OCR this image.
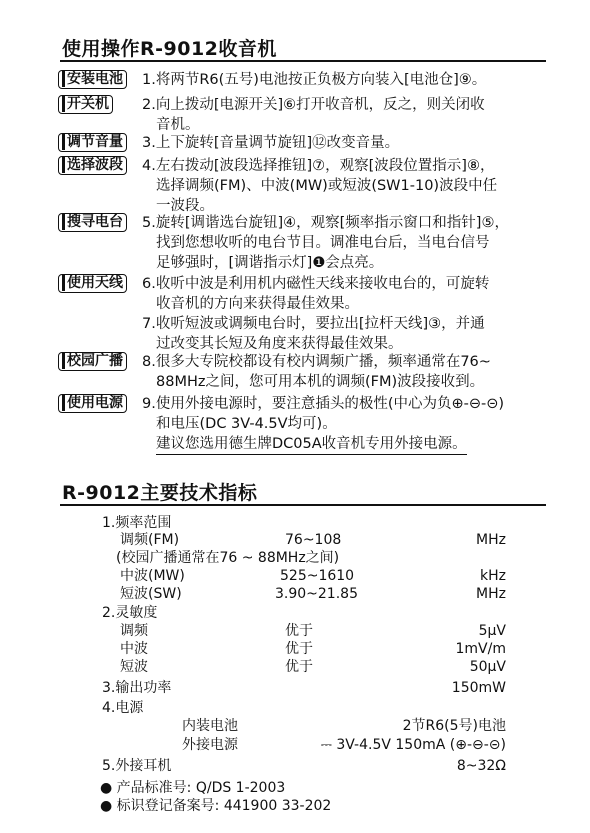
使用操作R-9012收音机
安装电池 1.将两节R6(五号)电池按正负极方向装入[电池仓]⑨。
开关机 2.向上拨动[电源开关]⑥打开收音机，反之，则关闭收
音机。
调节音量 3.上下旋转[音量调节旋钮]⑫改变音量。
选择波段 4.左右拨动[波段选择推钮]⑦，观察[波段位置指示]⑧，
选择调频(FM)、中波(MW)或短波(SW1-10)波段中任
一波段。
搜寻电台 5.旋转[调谐选台旋钮]④，观察[频率指示窗口和指针]⑤，
找到您想收听的电台节目。调准电台后，当电台信号
足够强时，[调谐指示灯]❶会点亮。
使用天线 6.收听中波是利用机内磁性天线来接收电台的，可旋转
收音机的方向来获得最佳效果。
7.收听短波或调频电台时，要拉出[拉杆天线]③，并通
过改变其长短及角度来获得最佳效果。
校园广播 8.很多大专院校都设有校内调频广播，频率通常在76~
88MHz之间，您可用本机的调频(FM)波段接收到。
使用电源 9.使用外接电源时，要注意插头的极性(中心为负⊕-⊖-⊝)
和电压(DC 3V-4.5V均可)。
建议您选用德生牌DC05A收音机专用外接电源。
R-9012主要技术指标
1.频率范围
调频(FM)	76~108	MHz
(校园广播通常在76 ~ 88MHz之间)
中波(MW)	525~1610	kHz
短波(SW)	3.90~21.85	MHz
2.灵敏度
调频	优于	5μV
中波	优于	1mV/m
短波	优于	50μV
3.输出功率	150mW
4.电源
内装电池	2节R6(5号)电池
外接电源	⎓ 3V-4.5V 150mA (⊕-⊖-⊝)
5.外接耳机	8~32Ω
● 产品标准号: Q/DS 1-2003
● 标识登记备案号: 441900 33-202
